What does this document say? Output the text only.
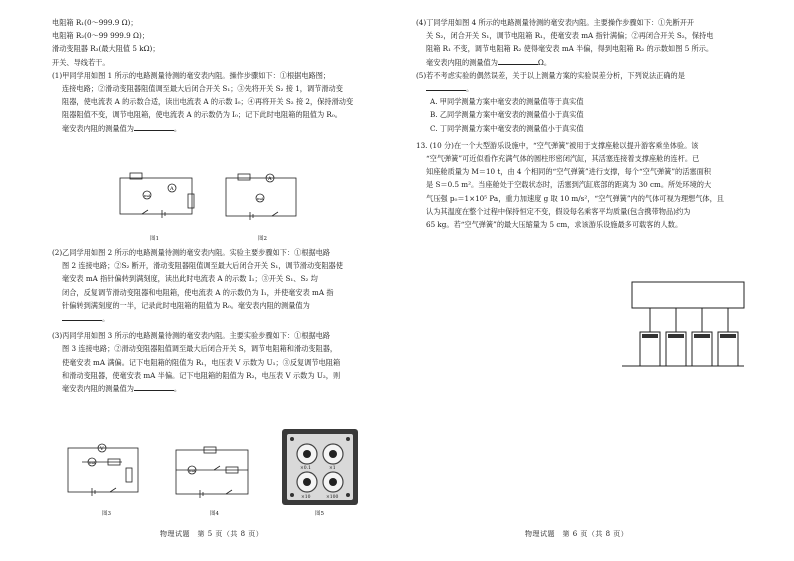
电阻箱 R₁(0～999.9 Ω)；

电阻箱 R₂(0～99 999.9 Ω)；

滑动变阻器 R₃(最大阻值 5 kΩ)；

开关、导线若干。

(1)甲同学用如图 1 所示的电路测量待测的毫安表内阻。操作步骤如下：①根据电路图；

连接电路；②滑动变阻器阻值调至最大后闭合开关 S₁；③先将开关 S₂ 接 1，调节滑动变

阻器，使电流表 A 的示数合适，读出电流表 A 的示数 I₀；④再将开关 S₂ 接 2，保持滑动变

阻器阻值不变，调节电阻箱，使电流表 A 的示数仍为 I₀；记下此时电阻箱的阻值为 R₀。

毫安表内阻的测量值为	。

A
mA
图1
A
mA
图2

(2)乙同学用如图 2 所示的电路测量待测的毫安表内阻。实验主要步骤如下：①根据电路

图 2 连接电路；②S₂ 断开，滑动变阻器阻值调至最大后闭合开关 S₁，调节滑动变阻器使

毫安表 mA 指针偏转到满刻度，读出此时电流表 A 的示数 I₁；③开关 S₁、S₂ 均

闭合，反复调节滑动变阻器和电阻箱，使电流表 A 的示数仍为 I₁，并使毫安表 mA 指

针偏转到满刻度的一半，记录此时电阻箱的阻值为 R₀。毫安表内阻的测量值为

。

(3)丙同学用如图 3 所示的电路测量待测的毫安表内阻。主要实验步骤如下：①根据电路

图 3 连接电路；②滑动变阻器阻值调至最大后闭合开关 S，调节电阻箱和滑动变阻器，

使毫安表 mA 满偏。记下电阻箱的阻值为 R₁，电压表 V 示数为 U₁；③反复调节电阻箱

和滑动变阻器，使毫安表 mA 半偏。记下电阻箱的阻值为 R₂，电压表 V 示数为 U₂，则

毫安表内阻的测量值为	。

V
mA
图3
mA
图4
×0.1	×1
×10	×100
图5
物理试题　第 5 页（共 8 页）

(4)丁同学用如图 4 所示的电路测量待测的毫安表内阻。主要操作步骤如下：①先断开开

关 S₂，闭合开关 S₁，调节电阻箱 R₁，使毫安表 mA 指针满偏；②再闭合开关 S₂，保持电

阻箱 R₁ 不变，调节电阻箱 R₂ 使得毫安表 mA 半偏，得到电阻箱 R₂ 的示数如图 5 所示。

毫安表内阻的测量值为	Ω。

(5)若不考虑实验的偶然误差，关于以上测量方案的实验误差分析，下列说法正确的是

。

A. 甲同学测量方案中毫安表的测量值等于真实值

B. 乙同学测量方案中毫安表的测量值小于真实值

C. 丁同学测量方案中毫安表的测量值小于真实值

13. (10 分)在一个大型游乐设施中，“空气弹簧”被用于支撑座舱以提升游客乘坐体验。该

“空气弹簧”可近似看作充满气体的圆柱形密闭汽缸，其活塞连接着支撑座舱的连杆。已

知座舱质量为 M＝10 t，由 4 个相同的“空气弹簧”进行支撑，每个“空气弹簧”的活塞面积

是 S＝0.5 m²。当座舱处于空载状态时，活塞到汽缸底部的距离为 30 cm。所处环境的大

气压强 p₀＝1×10⁵ Pa，重力加速度 g 取 10 m/s²，“空气弹簧”内的气体可视为理想气体，且

认为其温度在整个过程中保持恒定不变，假设每名乘客平均质量(包含携带物品)约为

65 kg。若“空气弹簧”的最大压缩量为 5 cm，求该游乐设施最多可载客的人数。

物理试题　第 6 页（共 8 页）
